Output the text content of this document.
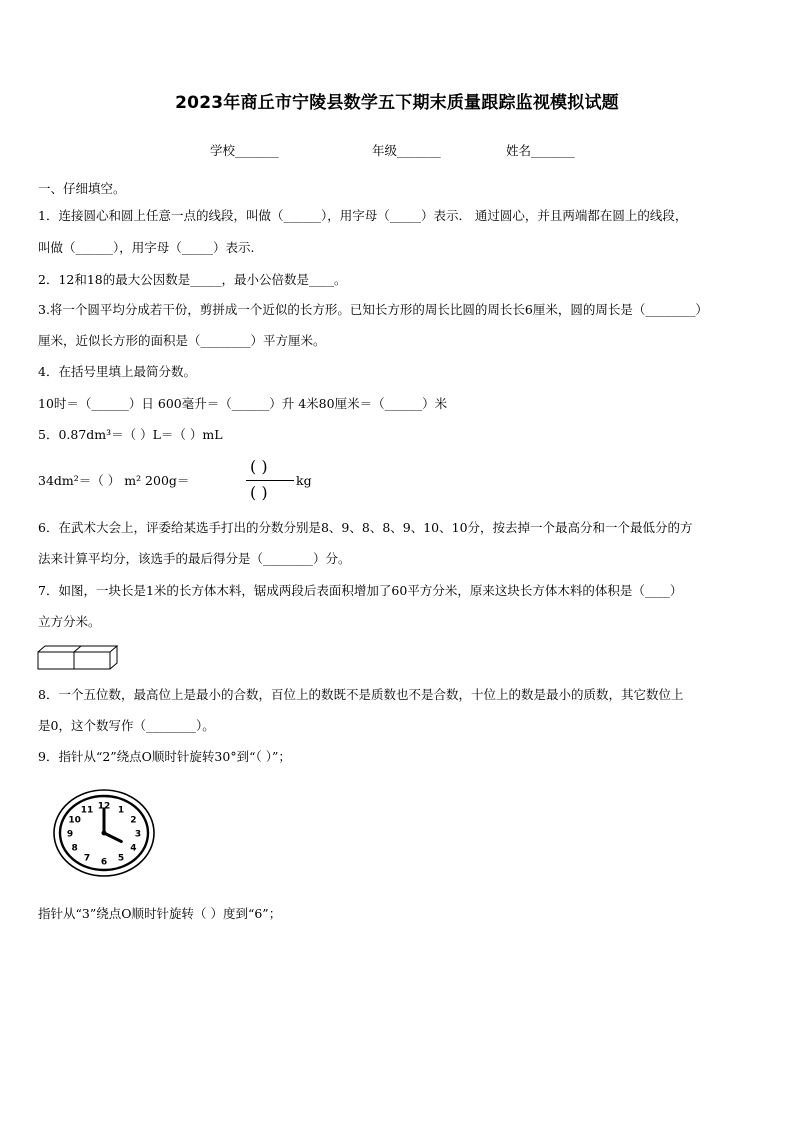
2023年商丘市宁陵县数学五下期末质量跟踪监视模拟试题
学校_______	年级_______	姓名_______
一、仔细填空。
1．连接圆心和圆上任意一点的线段，叫做（______），用字母（_____）表示． 通过圆心，并且两端都在圆上的线段，
叫做（______），用字母（_____）表示.
2．12和18的最大公因数是_____，最小公倍数是____。
3.将一个圆平均分成若干份，剪拼成一个近似的长方形。已知长方形的周长比圆的周长长6厘米，圆的周长是（________）
厘米，近似长方形的面积是（________）平方厘米。
4．在括号里填上最简分数。
10时＝（______）日 600毫升＝（______）升 4米80厘米＝（______）米
5．0.87dm³＝（ ）L＝（ ）mL
34dm²＝（ ） m² 200g＝
( )
( )
kg
6．在武术大会上，评委给某选手打出的分数分别是8、9、8、8、9、10、10分，按去掉一个最高分和一个最低分的方
法来计算平均分，该选手的最后得分是（________）分。
7．如图，一块长是1米的长方体木料，锯成两段后表面积增加了60平方分米，原来这块长方体木料的体积是（____）
立方分米。
8．一个五位数，最高位上是最小的合数，百位上的数既不是质数也不是合数，十位上的数是最小的质数，其它数位上
是0，这个数写作（________）。
9．指针从“2”绕点O顺时针旋转30°到“（ ）”；
12 1
2
3
4
5
6
7
8
9
10
11
指针从“3”绕点O顺时针旋转（ ）度到“6”；
